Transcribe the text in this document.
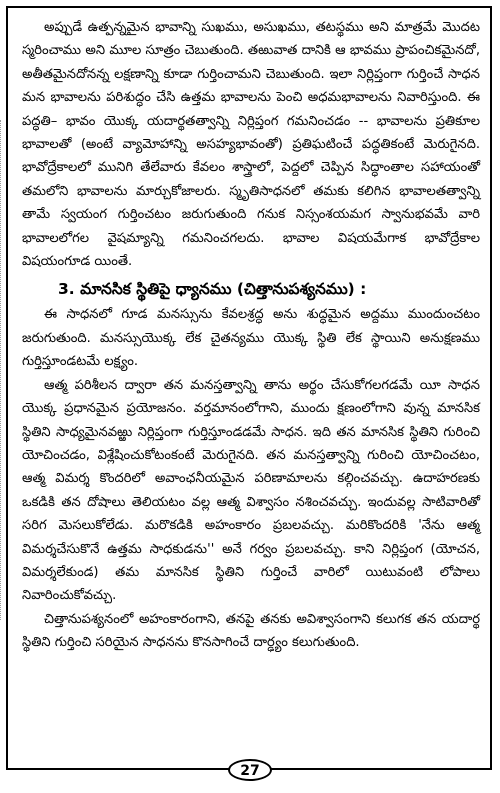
అప్పుడే ఉత్పన్నమైన భావాన్ని సుఖము, అసుఖము, తటస్థము అని మాత్రమే మొదట స్మరించాము అని మూల సూత్రం చెబుతుంది. తఱువాత దానికి ఆ భావము ప్రాపంచికమైనదో, అతీతమైనదోనన్న లక్షణాన్ని కూడా గుర్తించామని చెబుతుంది. ఇలా నిర్లిప్తంగా గుర్తించే సాధన మన భావాలను పరిశుద్ధం చేసి ఉత్తమ భావాలను పెంచి అధమభావాలను నివారిస్తుంది. ఈ పద్ధతి– భావం యొక్క యదార్థతత్వాన్ని నిర్లిప్తంగ గమనించడం -- భావాలను ప్రతికూల భావాలతో (అంటే వ్యామోహాన్ని అసహ్యభావంతో) ప్రతిఘటించే పద్ధతికంటే మెరుగైనది. భావోద్రేకాలలో మునిగి తేలేవారు కేవలం శాస్త్రాలో, పెద్దలో చెప్పిన సిద్ధాంతాల సహాయంతో తమలోని భావాలను మార్చుకోజాలరు. స్మృతిసాధనలో తమకు కలిగిన భావాలతత్వాన్ని తామే స్వయంగ గుర్తించటం జరుగుతుంది గనుక నిస్సంశయమగ స్వానుభవమే వారి భావాలలోగల వైషమ్యాన్ని గమనించగలదు. భావాల విషయమేగాక భావోద్రేకాల విషయంగూడ యింతే.

3. మానసిక స్థితిపై ధ్యానము (చిత్తానుపశ్యనము) :

ఈ సాధనలో గూడ మనస్సును కేవలశ్రద్ధ అను శుద్ధమైన అద్దము ముందుంచటం జరుగుతుంది. మనస్సుయొక్క లేక చైతన్యము యొక్క స్థితి లేక స్థాయిని అనుక్షణము గుర్తిస్తూండటమే లక్ష్యం.

ఆత్మ పరిశీలన ద్వారా తన మనస్తత్వాన్ని తాను అర్థం చేసుకోగలగడమే యీ సాధన యొక్క ప్రధానమైన ప్రయోజనం. వర్తమానంలోగాని, ముందు క్షణంలోగాని వున్న మానసిక స్థితిని సాధ్యమైనవఱ్ఱు నిర్లిప్తంగా గుర్తిస్తూండడమే సాధన. ఇది తన మానసిక స్థితిని గురించి యోచించడం, విశ్లేషించుకోటంకంటే మెరుగైనది. తన మనస్తత్వాన్ని గురించి యోచించటం, ఆత్మ విమర్శ కొందరిలో అవాంఛనీయమైన పరిణామాలను కల్గించవచ్చు. ఉదాహరణకు ఒకడికి తన దోషాలు తెలియటం వల్ల ఆత్మ విశ్వాసం నశించవచ్చు. ఇందువల్ల సాటివారితో సరిగ మెసలుకోలేడు. మరొకడికి అహంకారం ప్రబలవచ్చు. మరికొందరికి 'నేను ఆత్మ విమర్శచేసుకొనే ఉత్తమ సాధకుడను'' అనే గర్వం ప్రబలవచ్చు. కాని నిర్లిప్తంగ (యోచన, విమర్శలేకుండ) తమ మానసిక స్థితిని గుర్తించే వారిలో యిటువంటి లోపాలు నివారించుకోవచ్చు.

చిత్తానుపశ్యనంలో అహంకారంగాని, తనపై తనకు అవిశ్వాసంగాని కలుగక తన యదార్థ స్థితిని గుర్తించి సరియైన సాధనను కొనసాగించే దార్ఢ్యం కలుగుతుంది.

27
